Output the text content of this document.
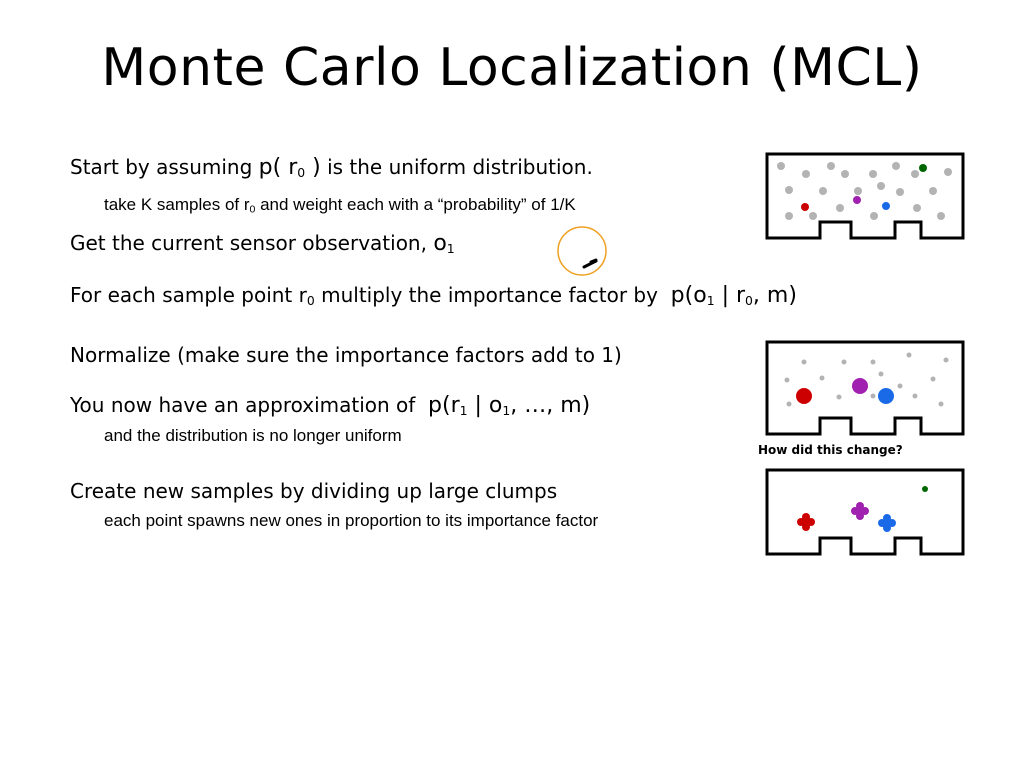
Monte Carlo Localization (MCL)
Start by assuming p( $r_0$ ) is the uniform distribution.
take K samples of $r_0$ and weight each with a “probability” of 1/K
Get the current sensor observation, $o_1$
For each sample point $r_0$ multiply the importance factor by $p(o_1$ | $r_0$, m)
Normalize (make sure the importance factors add to 1)
You now have an approximation of $p(r_1$ | $o_1$, …, m)
and the distribution is no longer uniform
Create new samples by dividing up large clumps
each point spawns new ones in proportion to its importance factor
How did this change?
